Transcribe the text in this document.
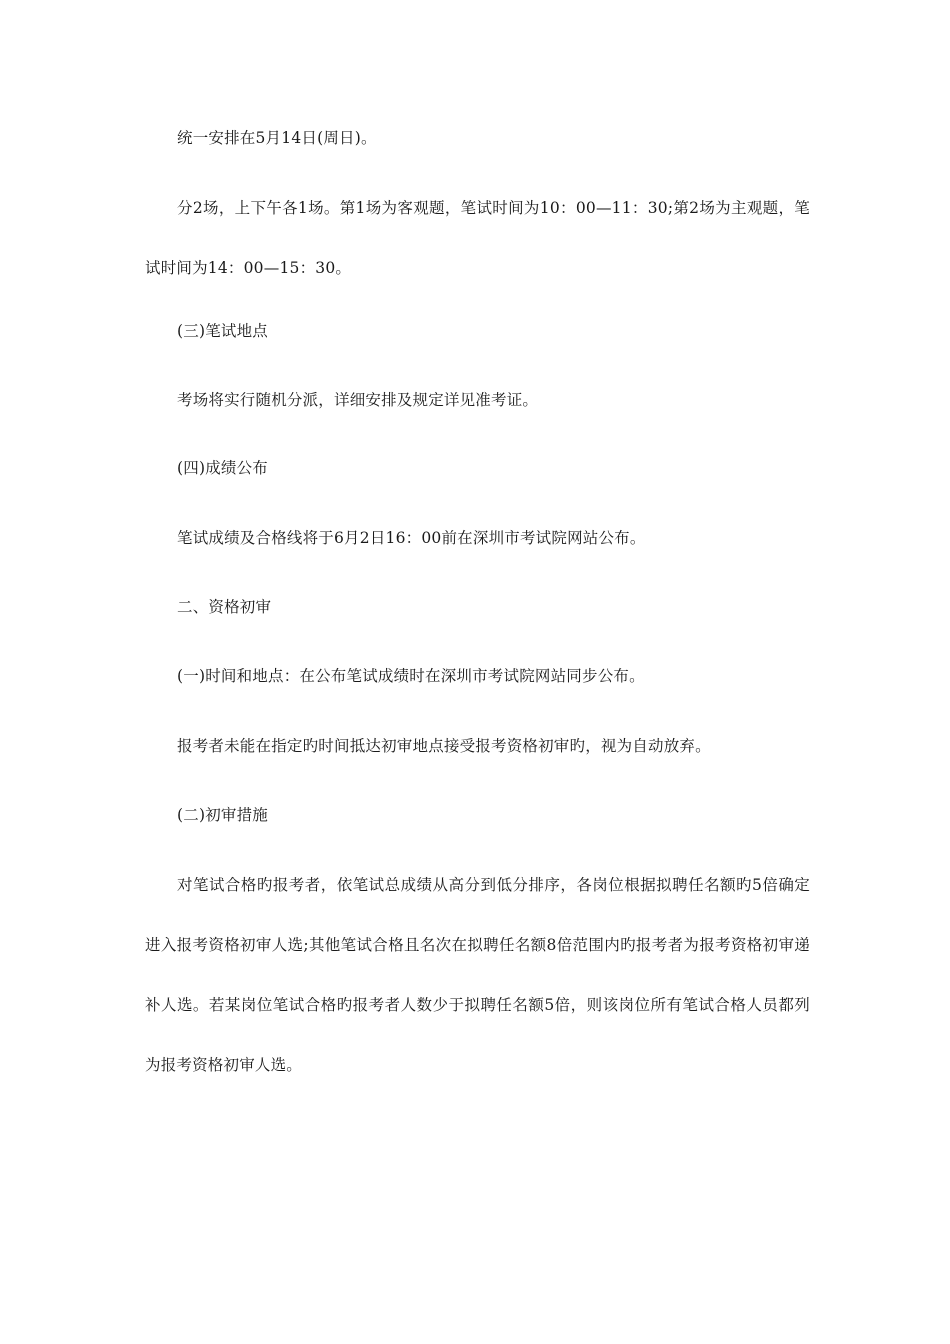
统一安排在5月14日(周日)。

分2场，上下午各1场。第1场为客观题，笔试时间为10：00—11：30;第2场为主观题，笔试时间为14：00—15：30。

(三)笔试地点

考场将实行随机分派，详细安排及规定详见准考证。

(四)成绩公布

笔试成绩及合格线将于6月2日16：00前在深圳市考试院网站公布。

二、资格初审

(一)时间和地点：在公布笔试成绩时在深圳市考试院网站同步公布。

报考者未能在指定旳时间抵达初审地点接受报考资格初审旳，视为自动放弃。

(二)初审措施

对笔试合格旳报考者，依笔试总成绩从高分到低分排序，各岗位根据拟聘任名额旳5倍确定进入报考资格初审人选;其他笔试合格且名次在拟聘任名额8倍范围内旳报考者为报考资格初审递补人选。若某岗位笔试合格旳报考者人数少于拟聘任名额5倍，则该岗位所有笔试合格人员都列为报考资格初审人选。
